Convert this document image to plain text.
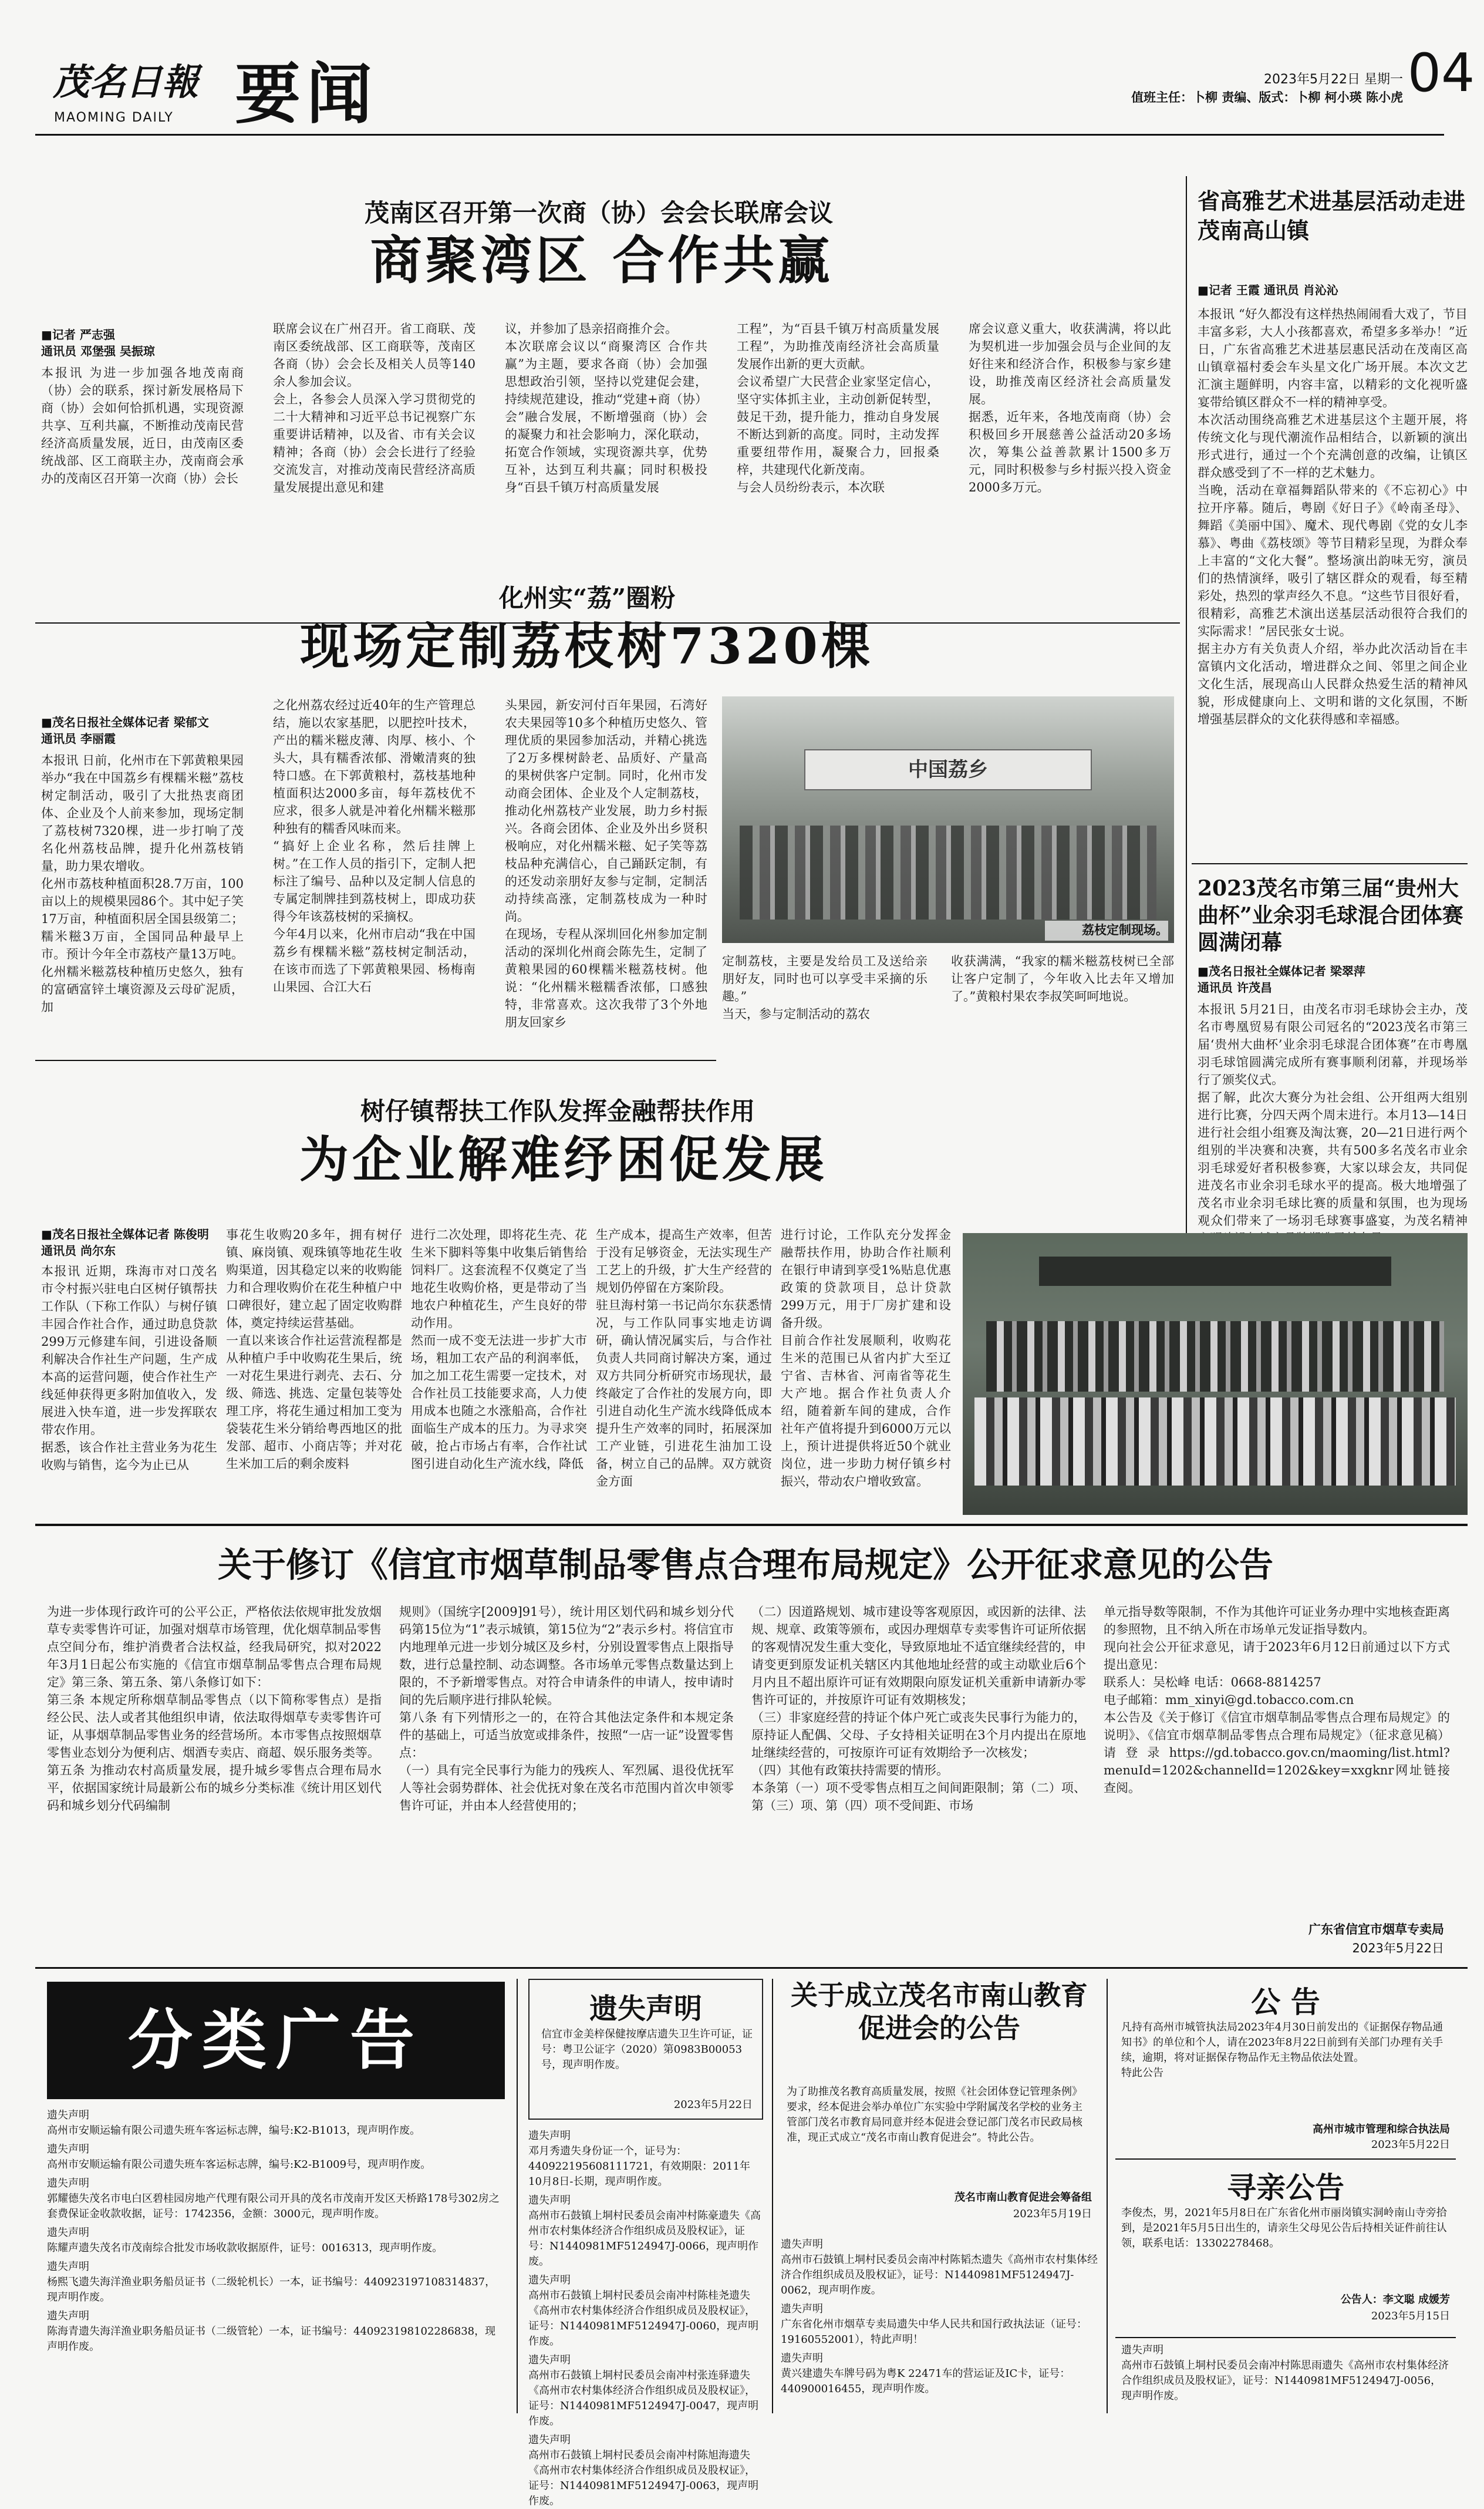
茂名日報
MAOMING DAILY 要闻	2023年5月22日 星期一
值班主任：卜柳 责编、版式：卜柳 柯小瑛 陈小虎 04
茂南区召开第一次商（协）会会长联席会议
商聚湾区 合作共赢
■记者 严志强
通讯员 邓堡强 吴振琼
本报讯 为进一步加强各地茂南商（协）会的联系，探讨新发展格局下商（协）会如何恰抓机遇，实现资源共享、互利共赢，不断推动茂南民营经济高质量发展，近日，由茂南区委统战部、区工商联主办，茂南商会承办的茂南区召开第一次商（协）会长
联席会议在广州召开。省工商联、茂南区委统战部、区工商联等，茂南区各商（协）会会长及相关人员等140余人参加会议。
会上，各参会人员深入学习贯彻党的二十大精神和习近平总书记视察广东重要讲话精神，以及省、市有关会议精神；各商（协）会会长进行了经验交流发言，对推动茂南民营经济高质量发展提出意见和建
议，并参加了恳亲招商推介会。
本次联席会议以“商聚湾区 合作共赢”为主题，要求各商（协）会加强思想政治引领，坚持以党建促会建，持续规范建设，推动“党建+商（协）会”融合发展，不断增强商（协）会的凝聚力和社会影响力，深化联动，拓宽合作领域，实现资源共享，优势互补，达到互利共赢；同时积极投身“百县千镇万村高质量发展
工程”，为“百县千镇万村高质量发展工程”，为助推茂南经济社会高质量发展作出新的更大贡献。
会议希望广大民营企业家坚定信心，坚守实体抓主业，主动创新促转型，鼓足干劲，提升能力，推动自身发展不断达到新的高度。同时，主动发挥重要纽带作用，凝聚合力，回报桑梓，共建现代化新茂南。
与会人员纷纷表示，本次联
席会议意义重大，收获满满，将以此为契机进一步加强会员与企业间的友好往来和经济合作，积极参与家乡建设，助推茂南区经济社会高质量发展。
据悉，近年来，各地茂南商（协）会积极回乡开展慈善公益活动20多场次，筹集公益善款累计1500多万元，同时积极参与乡村振兴投入资金2000多万元。
化州实“荔”圈粉
现场定制荔枝树7320棵
■茂名日报社全媒体记者 梁郁文
通讯员 李丽霞
本报讯 日前，化州市在下郭黄粮果园举办“我在中国荔乡有棵糯米糍”荔枝树定制活动，吸引了大批热衷商团体、企业及个人前来参加，现场定制了荔枝树7320棵，进一步打响了茂名化州荔枝品牌，提升化州荔枝销量，助力果农增收。
化州市荔枝种植面积28.7万亩，100亩以上的规模果园86个。其中妃子笑17万亩，种植面积居全国县级第二；糯米糍3万亩，全国同品种最早上市。预计今年全市荔枝产量13万吨。化州糯米糍荔枝种植历史悠久，独有的富硒富锌土壤资源及云母矿泥质，加
之化州荔农经过近40年的生产管理总结，施以农家基肥，以肥控叶技术，产出的糯米糍皮薄、肉厚、核小、个头大，具有糯香浓郁、滑嫩清爽的独特口感。在下郭黄粮村，荔枝基地种植面积达2000多亩，每年荔枝优不应求，很多人就是冲着化州糯米糍那种独有的糯香风味而来。
“搞好上企业名称，然后挂牌上树。”在工作人员的指引下，定制人把标注了编号、品种以及定制人信息的专属定制牌挂到荔枝树上，即成功获得今年该荔枝树的采摘权。
今年4月以来，化州市启动“我在中国荔乡有棵糯米糍”荔枝树定制活动，在该市而选了下郭黄粮果园、杨梅南山果园、合江大石
头果园，新安河付百年果园，石湾好农夫果园等10多个种植历史悠久、管理优质的果园参加活动，并精心挑选了2万多棵树龄老、品质好、产量高的果树供客户定制。同时，化州市发动商会团体、企业及个人定制荔枝，推动化州荔枝产业发展，助力乡村振兴。各商会团体、企业及外出乡贤积极响应，对化州糯米糍、妃子笑等荔枝品种充满信心，自己踊跃定制，有的还发动亲朋好友参与定制，定制活动持续高涨，定制荔枝成为一种时尚。
在现场，专程从深圳回化州参加定制活动的深圳化州商会陈先生，定制了黄粮果园的60棵糯米糍荔枝树。他说：“化州糯米糍糯香浓郁，口感独特，非常喜欢。这次我带了3个外地朋友回家乡
中国荔乡
荔枝定制现场。
定制荔枝，主要是发给员工及送给亲朋好友，同时也可以享受丰采摘的乐趣。”
当天，参与定制活动的荔农
收获满满，“我家的糯米糍荔枝树已全部让客户定制了，今年收入比去年又增加了。”黄粮村果农李叔笑呵呵地说。
树仔镇帮扶工作队发挥金融帮扶作用
为企业解难纾困促发展
■茂名日报社全媒体记者 陈俊明
通讯员 尚尔东
本报讯 近期，珠海市对口茂名市令村振兴驻电白区树仔镇帮扶工作队（下称工作队）与树仔镇丰园合作社合作，通过助息贷款299万元修建车间，引进设备顺利解决合作社生产问题，生产成本高的运营问题，使合作社生产线延伸获得更多附加值收入，发展进入快车道，进一步发挥联农带农作用。
据悉，该合作社主营业务为花生收购与销售，迄今为止已从
事花生收购20多年，拥有树仔镇、麻岗镇、观珠镇等地花生收购渠道，因其稳定以来的收购能力和合理收购价在花生种植户中口碑很好，建立起了固定收购群体，奠定持续运营基础。
一直以来该合作社运营流程都是从种植户手中收购花生果后，统一对花生果进行剥壳、去石、分级、筛选、挑选、定量包装等处理工序，将花生通过相加工变为袋装花生米分销给粤西地区的批发部、超市、小商店等；并对花生米加工后的剩余废料
进行二次处理，即将花生壳、花生米下脚料等集中收集后销售给饲料厂。这套流程不仅奠定了当地花生收购价格，更是带动了当地农户种植花生，产生良好的带动作用。
然而一成不变无法进一步扩大市场，粗加工农产品的利润率低，加之加工花生需要一定技术，对合作社员工技能要求高，人力使用成本也随之水涨船高，合作社面临生产成本的压力。为寻求突破，抢占市场占有率，合作社试图引进自动化生产流水线，降低
生产成本，提高生产效率，但苦于没有足够资金，无法实现生产工艺上的升级，扩大生产经营的规划仍停留在方案阶段。
驻旦海村第一书记尚尔东获悉情况，与工作队同事实地走访调研，确认情况属实后，与合作社负责人共同商讨解决方案，通过双方共同分析研究市场现状，最终敲定了合作社的发展方向，即引进自动化生产流水线降低成本提升生产效率的同时，拓展深加工产业链，引进花生油加工设备，树立自己的品牌。双方就资金方面
进行讨论，工作队充分发挥金融帮扶作用，协助合作社顺利在银行申请到享受1%贴息优惠政策的贷款项目，总计贷款299万元，用于厂房扩建和设备升级。
目前合作社发展顺利，收购花生米的范围已从省内扩大至辽宁省、吉林省、河南省等花生大产地。据合作社负责人介绍，随着新车间的建成，合作社年产值将提升到6000万元以上，预计进提供将近50个就业岗位，进一步助力树仔镇乡村振兴，带动农户增收致富。
省高雅艺术进基层活动走进茂南高山镇
■记者 王霞 通讯员 肖沁沁
本报讯 “好久都没有这样热热闹闹看大戏了，节目丰富多彩，大人小孩都喜欢，希望多多举办！”近日，广东省高雅艺术进基层惠民活动在茂南区高山镇章福村委会车头星文化广场开展。本次文艺汇演主题鲜明，内容丰富，以精彩的文化视听盛宴带给镇区群众不一样的精神享受。
本次活动围绕高雅艺术进基层这个主题开展，将传统文化与现代潮流作品相结合，以新颖的演出形式进行，通过一个个充满创意的改编，让镇区群众感受到了不一样的艺术魅力。
当晚，活动在章福舞蹈队带来的《不忘初心》中拉开序幕。随后，粤剧《好日子》《岭南圣母》、舞蹈《美丽中国》、魔术、现代粤剧《党的女儿李慕》、粤曲《荔枝颂》等节目精彩呈现，为群众奉上丰富的“文化大餐”。整场演出韵味无穷，演员们的热情演绎，吸引了辖区群众的观看，每至精彩处，热烈的掌声经久不息。“这些节目很好看，很精彩，高雅艺术演出送基层活动很符合我们的实际需求！”居民张女士说。
据主办方有关负责人介绍，举办此次活动旨在丰富镇内文化活动，增进群众之间、邻里之间企业文化生活，展现高山人民群众热爱生活的精神风貌，形成健康向上、文明和谐的文化氛围，不断增强基层群众的文化获得感和幸福感。
2023茂名市第三届“贵州大曲杯”业余羽毛球混合团体赛圆满闭幕
■茂名日报社全媒体记者 梁翠萍
通讯员 许茂昌
本报讯 5月21日，由茂名市羽毛球协会主办，茂名市粤凰贸易有限公司冠名的“2023茂名市第三届‘贵州大曲杯’业余羽毛球混合团体赛”在市粤凰羽毛球馆圆满完成所有赛事顺利闭幕，并现场举行了颁奖仪式。
据了解，此次大赛分为社会组、公开组两大组别进行比赛，分四天两个周末进行。本月13—14日进行社会组小组赛及淘汰赛，20—21日进行两个组别的半决赛和决赛，共有500多名茂名市业余羽毛球爱好者积极参赛，大家以球会友，共同促进茂名市业余羽毛球水平的提高。极大地增强了茂名市业余羽毛球比赛的质量和氛围，也为现场观众们带来了一场羽毛球赛事盛宴，为茂名精神
关于修订《信宜市烟草制品零售点合理布局规定》公开征求意见的公告
为进一步体现行政许可的公平公正，严格依法依规审批发放烟草专卖零售许可证，加强对烟草市场管理，优化烟草制品零售点空间分布，维护消费者合法权益，经我局研究，拟对2022年3月1日起公布实施的《信宜市烟草制品零售点合理布局规定》第三条、第五条、第八条修订如下：
第三条 本规定所称烟草制品零售点（以下简称零售点）是指经公民、法人或者其他组织申请，依法取得烟草专卖零售许可证，从事烟草制品零售业务的经营场所。本市零售点按照烟草零售业态划分为便利店、烟酒专卖店、商超、娱乐服务类等。
第五条 为推动农村高质量发展，提升城乡零售点合理布局水平，依据国家统计局最新公布的城乡分类标准《统计用区划代码和城乡划分代码编制
规则》（国统字[2009]91号），统计用区划代码和城乡划分代码第15位为“1”表示城镇，第15位为“2”表示乡村。将信宜市内地理单元进一步划分城区及乡村，分别设置零售点上限指导数，进行总量控制、动态调整。各市场单元零售点数量达到上限的，不予新增零售点。对符合申请条件的申请人，按申请时间的先后顺序进行排队轮候。
第八条 有下列情形之一的，在符合其他法定条件和本规定条件的基础上，可适当放宽或排条件，按照“一店一证”设置零售点：
（一）具有完全民事行为能力的残疾人、军烈属、退役优抚军人等社会弱势群体、社会优抚对象在茂名市范围内首次申领零售许可证，并由本人经营使用的；
（二）因道路规划、城市建设等客观原因，或因新的法律、法规、规章、政策等颁布，或因办理烟草专卖零售许可证所依据的客观情况发生重大变化，导致原地址不适宜继续经营的，申请变更到原发证机关辖区内其他地址经营的或主动歇业后6个月内且不超出原许可证有效期限向原发证机关重新申请新办零售许可证的，并按原许可证有效期核发；
（三）非家庭经营的持证个体户死亡或丧失民事行为能力的，原持证人配偶、父母、子女持相关证明在3个月内提出在原地址继续经营的，可按原许可证有效期给予一次核发；
（四）其他有政策扶持需要的情形。
本条第（一）项不受零售点相互之间间距限制；第（二）项、第（三）项、第（四）项不受间距、市场
单元指导数等限制，不作为其他许可证业务办理中实地核查距离的参照物，且不纳入所在市场单元发证指导数内。
现向社会公开征求意见，请于2023年6月12日前通过以下方式提出意见：
联系人：吴松峰 电话：0668-8814257
电子邮箱：mm_xinyi@gd.tobacco.com.cn
本公告及《关于修订《信宜市烟草制品零售点合理布局规定》的说明》、《信宜市烟草制品零售点合理布局规定》（征求意见稿）请登录https://gd.tobacco.gov.cn/maoming/list.html?menuId=1202&channelId=1202&key=xxgknr网址链接查阅。
广东省信宜市烟草专卖局
2023年5月22日
分类广告
遗失声明
高州市安顺运输有限公司遗失班车客运标志牌，编号:K2-B1013，现声明作废。
遗失声明
高州市安顺运输有限公司遗失班车客运标志牌，编号:K2-B1009号，现声明作废。
遗失声明
郭耀德失茂名市电白区碧桂园房地产代理有限公司开具的茂名市茂南开发区天桥路178号302房之套费保证金收款收据，证号：1742356，金额：3000元，现声明作废。
遗失声明
陈耀声遗失茂名市茂南综合批发市场收款收据原件，证号：0016313，现声明作废。
遗失声明
杨熙飞遗失海洋渔业职务船员证书（二级轮机长）一本，证书编号：440923197108314837，现声明作废。
遗失声明
陈海青遗失海洋渔业职务船员证书（二级管轮）一本，证书编号：440923198102286838，现声明作废。
遗失声明
信宜市金美梓保健按摩店遗失卫生许可证，证号：粤卫公证字（2020）第0983B00053号，现声明作废。
2023年5月22日
遗失声明
邓月秀遗失身份证一个，证号为：440922195608111721，有效期限：2011年10月8日-长期，现声明作废。
遗失声明
高州市石鼓镇上垌村民委员会南冲村陈豪遗失《高州市农村集体经济合作组织成员及股权证》，证号：N1440981MF5124947J-0066，现声明作废。
遗失声明
高州市石鼓镇上垌村民委员会南冲村陈桂尧遗失《高州市农村集体经济合作组织成员及股权证》，证号：N1440981MF5124947J-0060，现声明作废。
遗失声明
高州市石鼓镇上垌村民委员会南冲村张连驿遗失《高州市农村集体经济合作组织成员及股权证》，证号：N1440981MF5124947J-0047，现声明作废。
遗失声明
高州市石鼓镇上垌村民委员会南冲村陈旭海遗失《高州市农村集体经济合作组织成员及股权证》，证号：N1440981MF5124947J-0063，现声明作废。
关于成立茂名市南山教育促进会的公告
为了助推茂名教育高质量发展，按照《社会团体登记管理条例》要求，经本促进会举办单位广东实验中学附属茂名学校的业务主管部门茂名市教育局同意并经本促进会登记部门茂名市民政局核准，现正式成立“茂名市南山教育促进会”。特此公告。
茂名市南山教育促进会筹备组
2023年5月19日
遗失声明
高州市石鼓镇上垌村民委员会南冲村陈韬杰遗失《高州市农村集体经济合作组织成员及股权证》，证号：N1440981MF5124947J-0062，现声明作废。
遗失声明
广东省化州市烟草专卖局遗失中华人民共和国行政执法证（证号：19160552001），特此声明！
遗失声明
黄兴建遗失车牌号码为粤K 22471车的营运证及IC卡，证号：440900016455，现声明作废。
公 告
凡持有高州市城管执法局2023年4月30日前发出的《证据保存物品通知书》的单位和个人，请在2023年8月22日前到有关部门办理有关手续，逾期，将对证据保存物品作无主物品依法处置。
特此公告
高州市城市管理和综合执法局
2023年5月22日
寻亲公告
李俊杰，男，2021年5月8日在广东省化州市丽岗镇实洞岭南山寺旁拾到，是2021年5月5日出生的，请亲生父母见公告后持相关证件前往认领，联系电话：13302278468。
公告人：李文聪 成媛芳
2023年5月15日
遗失声明
高州市石鼓镇上垌村民委员会南冲村陈思雨遗失《高州市农村集体经济合作组织成员及股权证》，证号：N1440981MF5124947J-0056，现声明作废。
